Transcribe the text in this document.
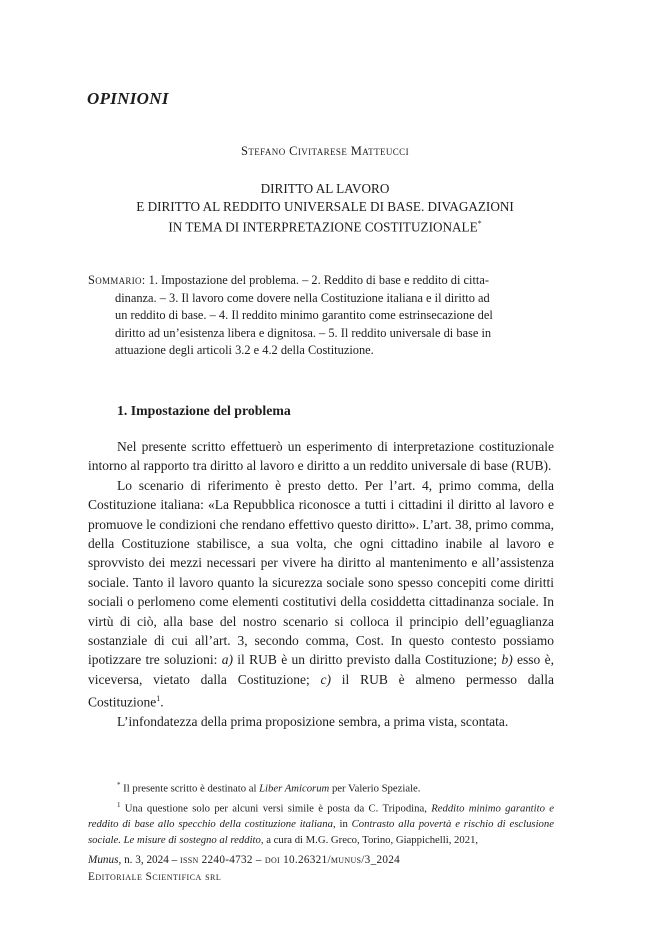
OPINIONI
Stefano Civitarese Matteucci
DIRITTO AL LAVORO
E DIRITTO AL REDDITO UNIVERSALE DI BASE. DIVAGAZIONI
IN TEMA DI INTERPRETAZIONE COSTITUZIONALE*
Sommario: 1. Impostazione del problema. – 2. Reddito di base e reddito di citta-
dinanza. – 3. Il lavoro come dovere nella Costituzione italiana e il diritto ad
un reddito di base. – 4. Il reddito minimo garantito come estrinsecazione del
diritto ad un’esistenza libera e dignitosa. – 5. Il reddito universale di base in
attuazione degli articoli 3.2 e 4.2 della Costituzione.
1. Impostazione del problema

Nel presente scritto effettuerò un esperimento di interpretazione costituzionale intorno al rapporto tra diritto al lavoro e diritto a un reddito universale di base (RUB).

Lo scenario di riferimento è presto detto. Per l’art. 4, primo comma, della Costituzione italiana: «La Repubblica riconosce a tutti i cittadini il diritto al lavoro e promuove le condizioni che rendano effettivo questo diritto». L’art. 38, primo comma, della Costituzione stabilisce, a sua volta, che ogni cittadino inabile al lavoro e sprovvisto dei mezzi necessari per vivere ha diritto al mantenimento e all’assistenza sociale. Tanto il lavoro quanto la sicurezza sociale sono spesso concepiti come diritti sociali o perlomeno come elementi costitutivi della cosiddetta cittadinanza sociale. In virtù di ciò, alla base del nostro scenario si colloca il principio dell’eguaglianza sostanziale di cui all’art. 3, secondo comma, Cost. In questo contesto possiamo ipotizzare tre soluzioni: a) il RUB è un diritto previsto dalla Costituzione; b) esso è, viceversa, vietato dalla Costituzione; c) il RUB è almeno permesso dalla Costituzione$^1$.

L’infondatezza della prima proposizione sembra, a prima vista, scontata.

* Il presente scritto è destinato al Liber Amicorum per Valerio Speziale.

$^1$ Una questione solo per alcuni versi simile è posta da C. Tripodina, Reddito minimo garantito e reddito di base allo specchio della costituzione italiana, in Contrasto alla povertà e rischio di esclusione sociale. Le misure di sostegno al reddito, a cura di M.G. Greco, Torino, Giappichelli, 2021,

Munus, n. 3, 2024 – issn 2240-4732 – doi 10.26321/munus/3_2024
Editoriale Scientifica srl
